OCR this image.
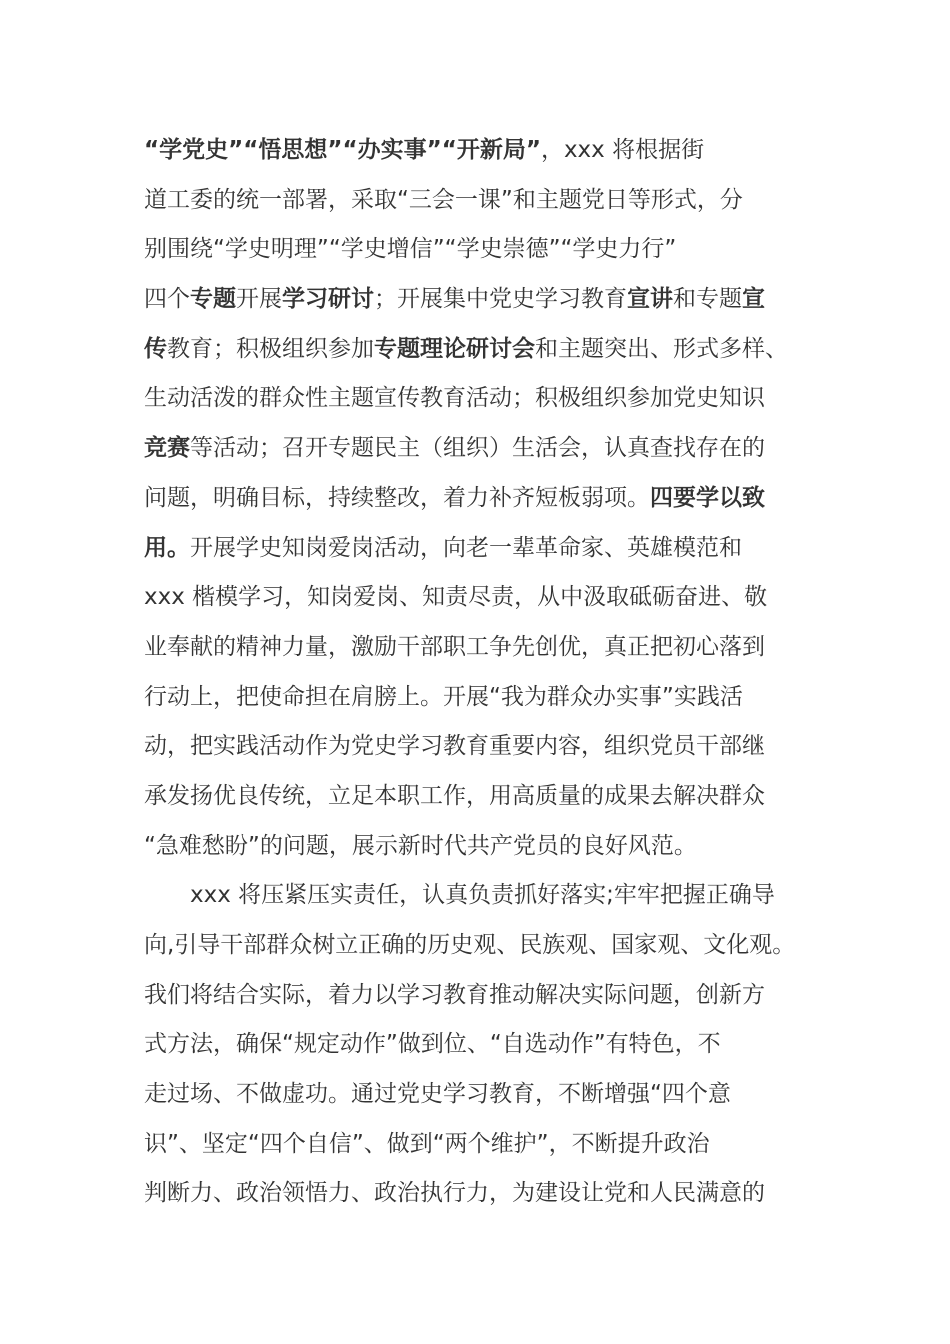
“学党史”“悟思想”“办实事”“开新局”，xxx 将根据街
道工委的统一部署，采取“三会一课”和主题党日等形式，分
别围绕“学史明理”“学史增信”“学史崇德”“学史力行”
四个专题开展学习研讨；开展集中党史学习教育宣讲和专题宣
传教育；积极组织参加专题理论研讨会和主题突出、形式多样、
生动活泼的群众性主题宣传教育活动；积极组织参加党史知识
竞赛等活动；召开专题民主（组织）生活会，认真查找存在的
问题，明确目标，持续整改，着力补齐短板弱项。四要学以致
用。开展学史知岗爱岗活动，向老一辈革命家、英雄模范和
xxx 楷模学习，知岗爱岗、知责尽责，从中汲取砥砺奋进、敬
业奉献的精神力量，激励干部职工争先创优，真正把初心落到
行动上，把使命担在肩膀上。开展“我为群众办实事”实践活
动，把实践活动作为党史学习教育重要内容，组织党员干部继
承发扬优良传统，立足本职工作，用高质量的成果去解决群众
“急难愁盼”的问题，展示新时代共产党员的良好风范。
xxx 将压紧压实责任，认真负责抓好落实;牢牢把握正确导
向,引导干部群众树立正确的历史观、民族观、国家观、文化观。
我们将结合实际，着力以学习教育推动解决实际问题，创新方
式方法，确保“规定动作”做到位、“自选动作”有特色，不
走过场、不做虚功。通过党史学习教育，不断增强“四个意
识”、坚定“四个自信”、做到“两个维护”，不断提升政治
判断力、政治领悟力、政治执行力，为建设让党和人民满意的
